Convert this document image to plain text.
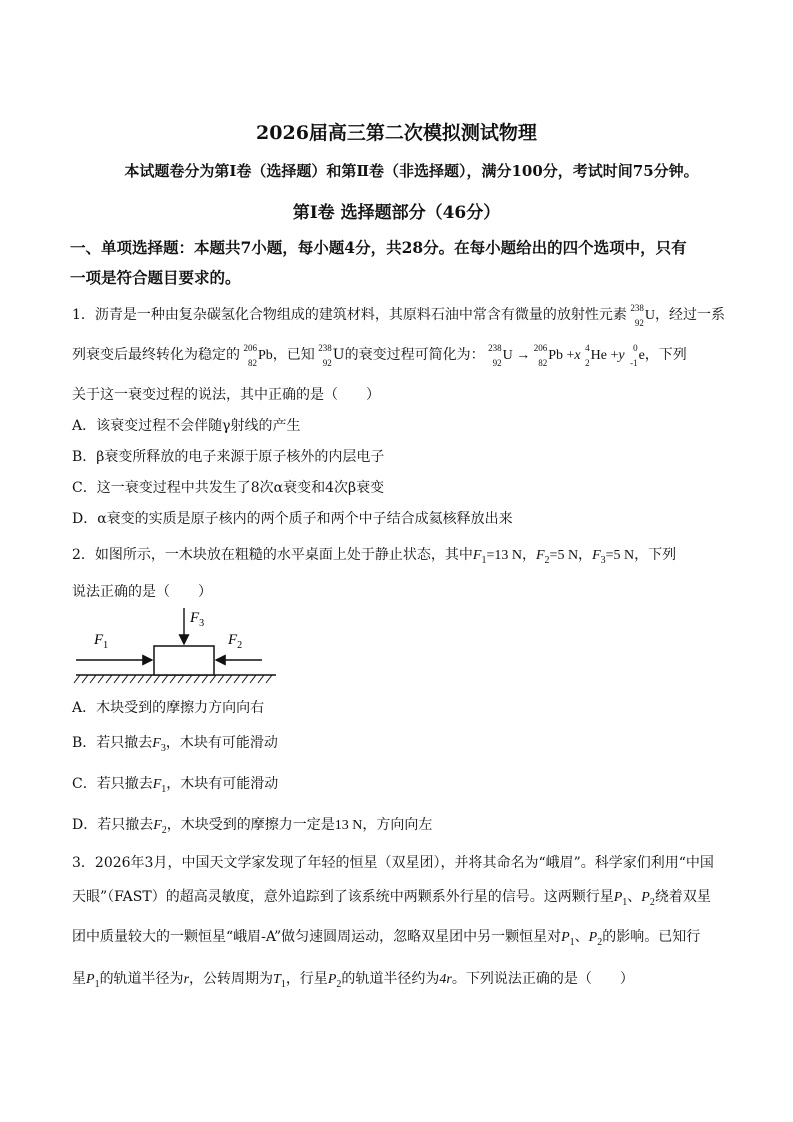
2026届高三第二次模拟测试物理
本试题卷分为第Ⅰ卷（选择题）和第Ⅱ卷（非选择题），满分100分，考试时间75分钟。
第Ⅰ卷 选择题部分（46分）
一、单项选择题：本题共7小题，每小题4分，共28分。在每小题给出的四个选项中，只有
一项是符合题目要求的。
1．沥青是一种由复杂碳氢化合物组成的建筑材料，其原料石油中常含有微量的放射性元素 238
92 U，经过一系
列衰变后最终转化为稳定的 206
82 Pb，已知 238
92 U的衰变过程可简化为： 238
92 U → 206
82 Pb +x 4
2 He +y 0
-1 e，下列
关于这一衰变过程的说法，其中正确的是（　　）
A．该衰变过程不会伴随γ射线的产生
B．β衰变所释放的电子来源于原子核外的内层电子
C．这一衰变过程中共发生了8次α衰变和4次β衰变
D．α衰变的实质是原子核内的两个质子和两个中子结合成氦核释放出来
2．如图所示，一木块放在粗糙的水平桌面上处于静止状态，其中$F_1=13$ N，$F_2=5$ N，$F_3=5$ N，下列
说法正确的是（　　）
$F_1$	$F_2$
$F_3$
A．木块受到的摩擦力方向向右
B．若只撤去$F_3$，木块有可能滑动
C．若只撤去$F_1$，木块有可能滑动
D．若只撤去$F_2$，木块受到的摩擦力一定是13 N，方向向左
3．2026年3月，中国天文学家发现了年轻的恒星（双星团），并将其命名为“峨眉”。科学家们利用“中国
天眼”（FAST）的超高灵敏度，意外追踪到了该系统中两颗系外行星的信号。这两颗行星$P_1$、$P_2$绕着双星
团中质量较大的一颗恒星“峨眉-A”做匀速圆周运动，忽略双星团中另一颗恒星对$P_1$、$P_2$的影响。已知行
星$P_1$的轨道半径为r，公转周期为$T_1$，行星$P_2$的轨道半径约为4r。下列说法正确的是（　　）
